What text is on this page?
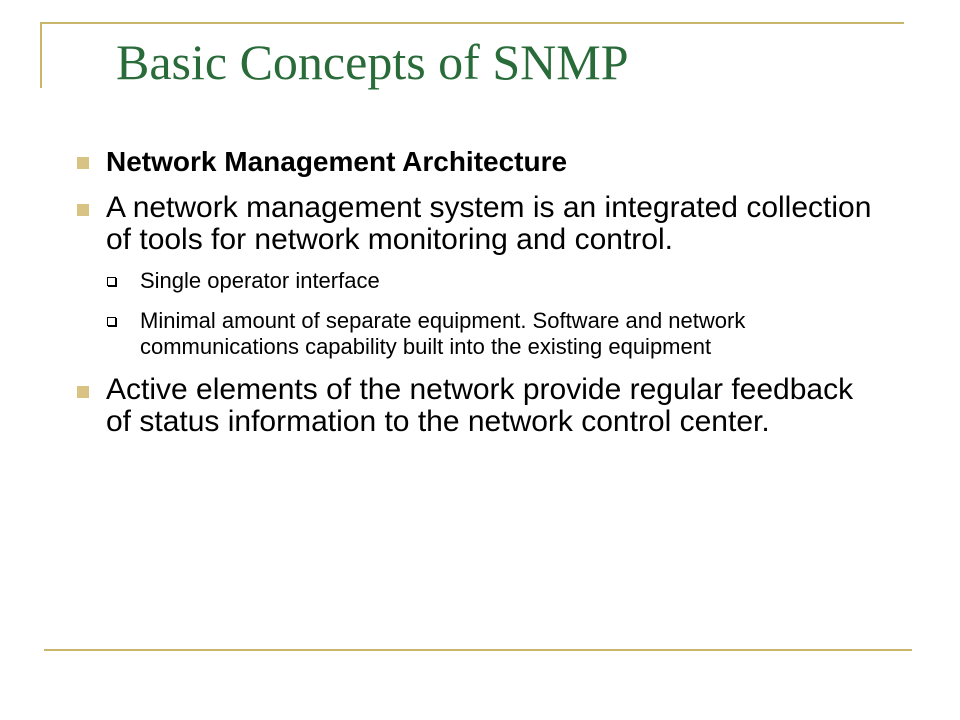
Basic Concepts of SNMP
Network Management Architecture
A network management system is an integrated collection of tools for network monitoring and control.
Single operator interface
Minimal amount of separate equipment. Software and network communications capability built into the existing equipment
Active elements of the network provide regular feedback of status information to the network control center.
